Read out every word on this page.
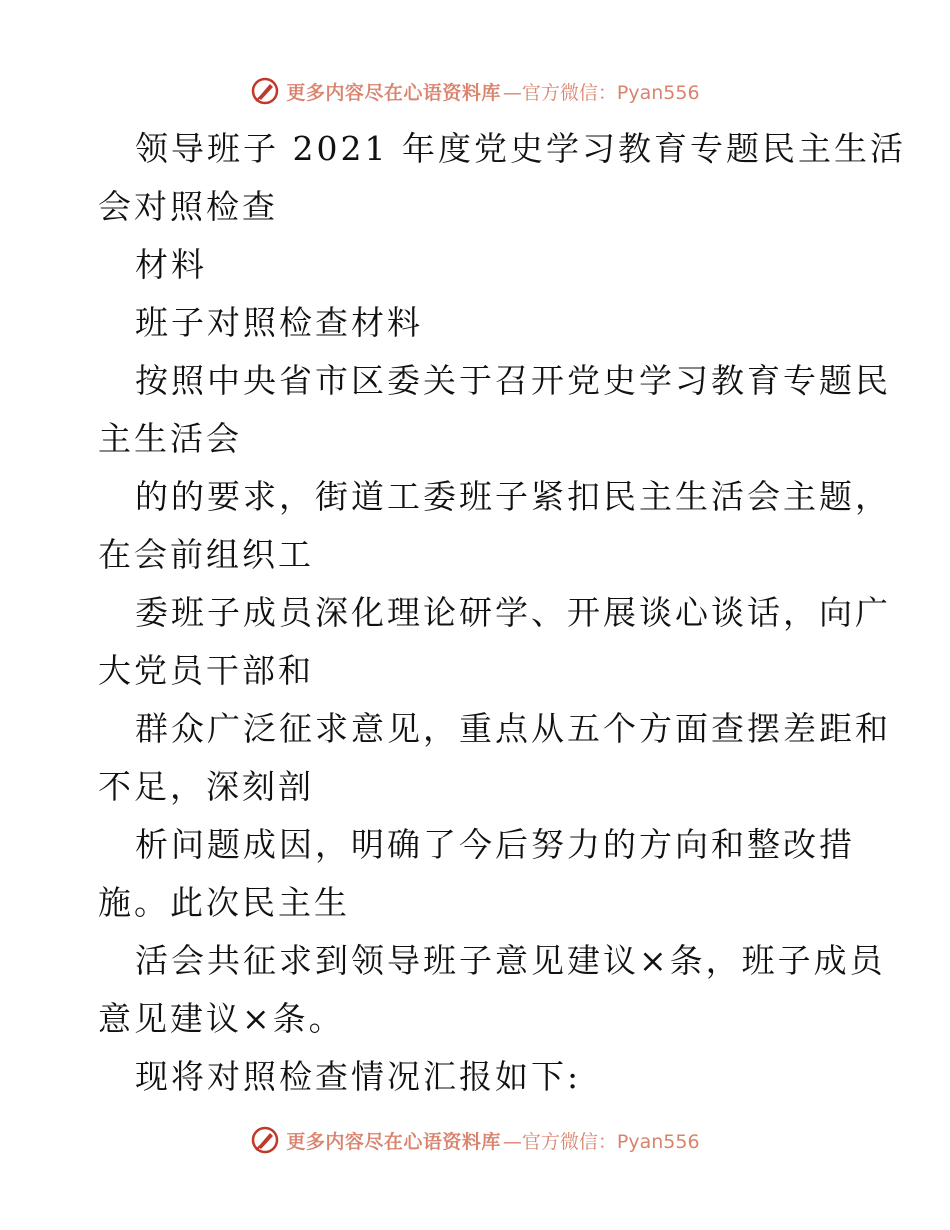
更多内容尽在心语资料库 —官方微信：Pyan556
领导班子 2021 年度党史学习教育专题民主生活
会对照检查
材料
班子对照检查材料
按照中央省市区委关于召开党史学习教育专题民
主生活会
的的要求，街道工委班子紧扣民主生活会主题，
在会前组织工
委班子成员深化理论研学、开展谈心谈话，向广
大党员干部和
群众广泛征求意见，重点从五个方面查摆差距和
不足，深刻剖
析问题成因，明确了今后努力的方向和整改措
施。此次民主生
活会共征求到领导班子意见建议×条，班子成员
意见建议×条。
现将对照检查情况汇报如下:
更多内容尽在心语资料库 —官方微信：Pyan556
